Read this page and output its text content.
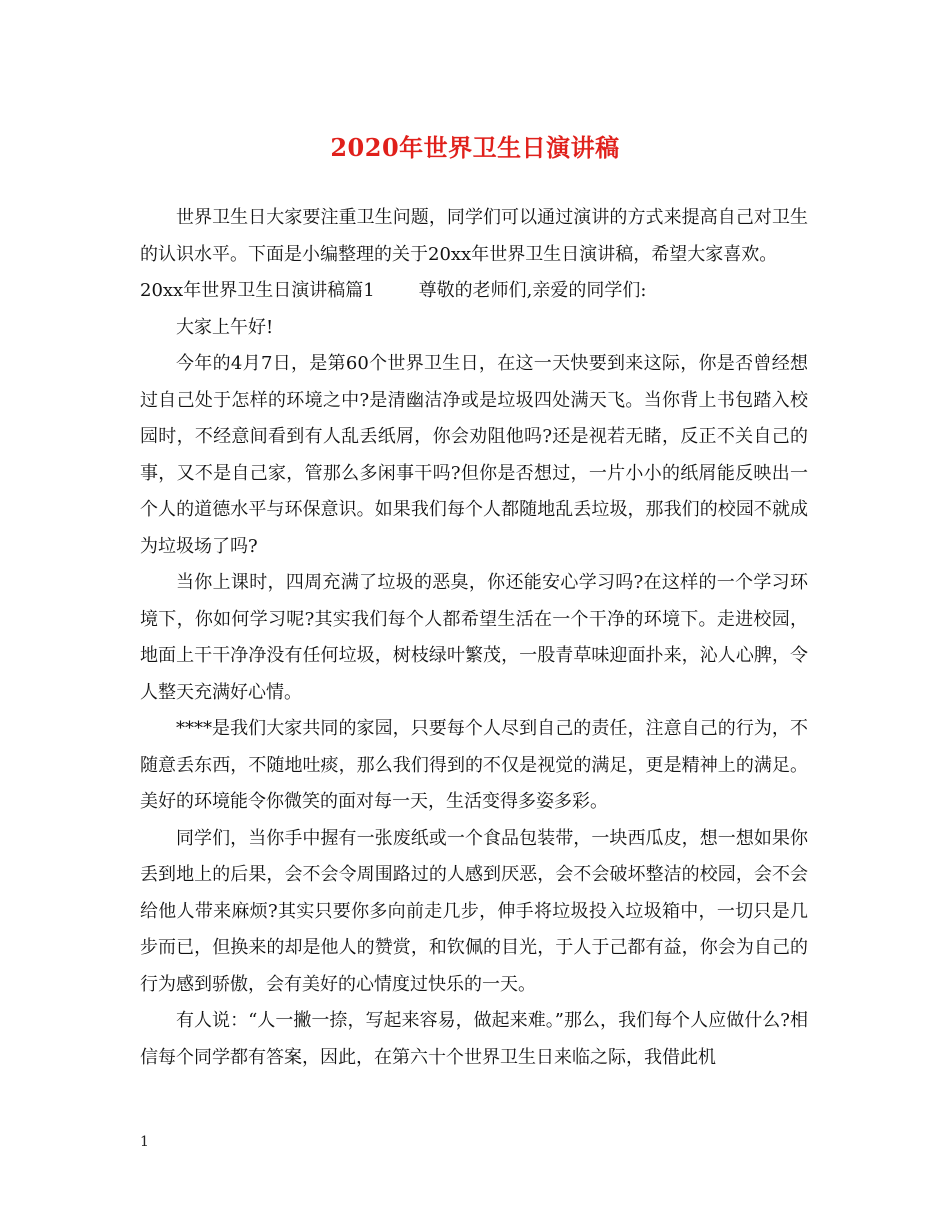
2020年世界卫生日演讲稿

世界卫生日大家要注重卫生问题，同学们可以通过演讲的方式来提高自己对卫生的认识水平。下面是小编整理的关于20xx年世界卫生日演讲稿，希望大家喜欢。

20xx年世界卫生日演讲稿篇1 尊敬的老师们,亲爱的同学们:

大家上午好!

今年的4月7日，是第60个世界卫生日，在这一天快要到来这际，你是否曾经想过自己处于怎样的环境之中?是清幽洁净或是垃圾四处满天飞。当你背上书包踏入校园时，不经意间看到有人乱丢纸屑，你会劝阻他吗?还是视若无睹，反正不关自己的事，又不是自己家，管那么多闲事干吗?但你是否想过，一片小小的纸屑能反映出一个人的道德水平与环保意识。如果我们每个人都随地乱丢垃圾，那我们的校园不就成为垃圾场了吗?

当你上课时，四周充满了垃圾的恶臭，你还能安心学习吗?在这样的一个学习环境下，你如何学习呢?其实我们每个人都希望生活在一个干净的环境下。走进校园，地面上干干净净没有任何垃圾，树枝绿叶繁茂，一股青草味迎面扑来，沁人心脾，令人整天充满好心情。

****是我们大家共同的家园，只要每个人尽到自己的责任，注意自己的行为，不随意丢东西，不随地吐痰，那么我们得到的不仅是视觉的满足，更是精神上的满足。美好的环境能令你微笑的面对每一天，生活变得多姿多彩。

同学们，当你手中握有一张废纸或一个食品包装带，一块西瓜皮，想一想如果你丢到地上的后果，会不会令周围路过的人感到厌恶，会不会破坏整洁的校园，会不会给他人带来麻烦?其实只要你多向前走几步，伸手将垃圾投入垃圾箱中，一切只是几步而已，但换来的却是他人的赞赏，和钦佩的目光，于人于己都有益，你会为自己的行为感到骄傲，会有美好的心情度过快乐的一天。

有人说：“人一撇一捺，写起来容易，做起来难。”那么，我们每个人应做什么?相信每个同学都有答案，因此，在第六十个世界卫生日来临之际，我借此机

1
